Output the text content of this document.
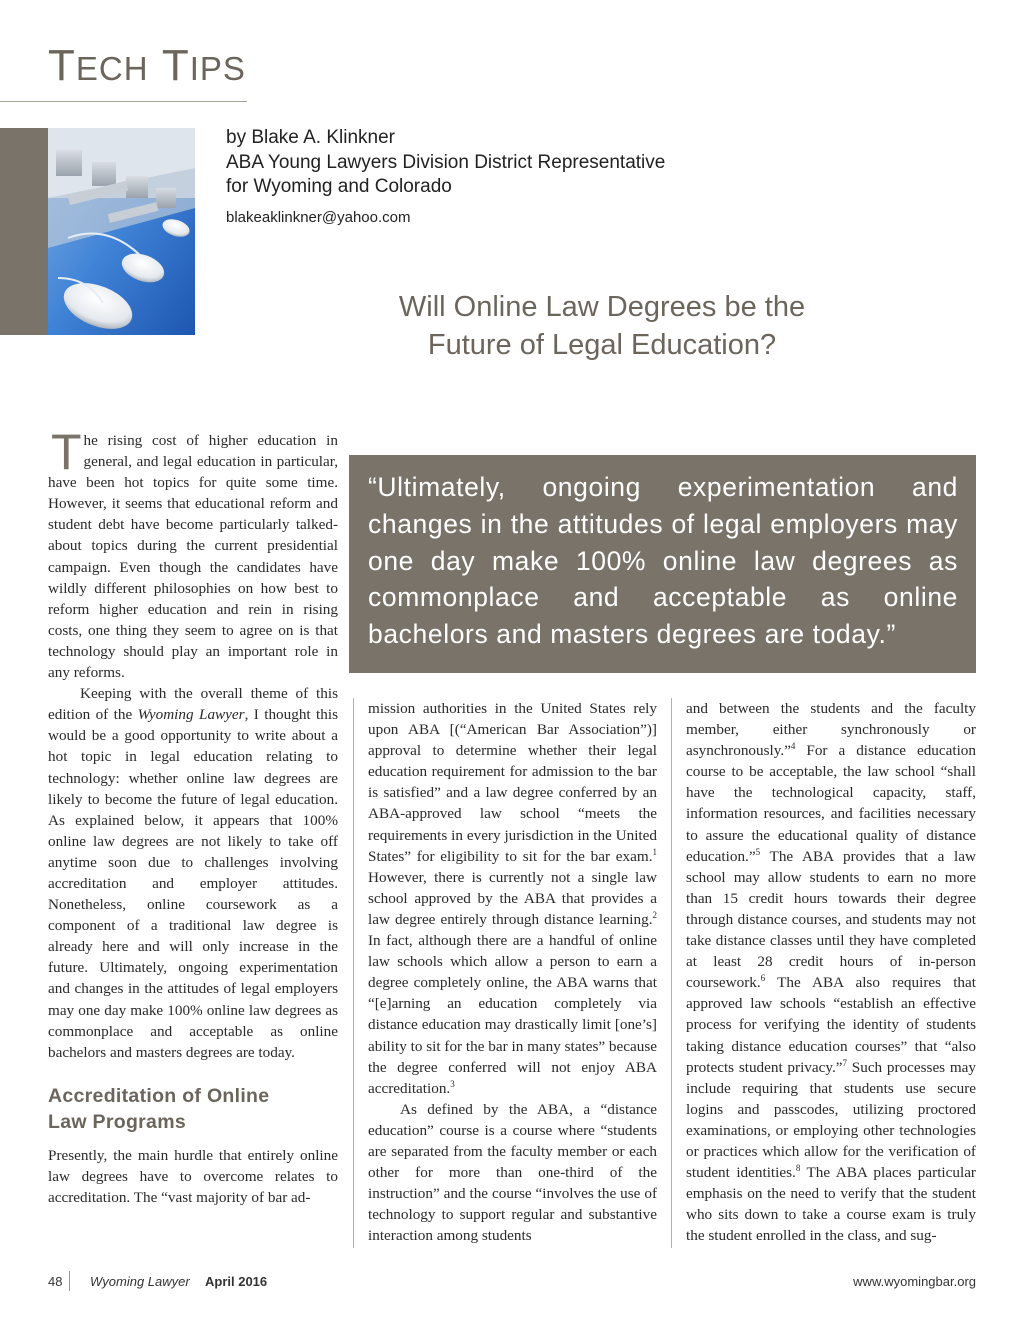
TECH TIPS
by Blake A. Klinkner
ABA Young Lawyers Division District Representative
for Wyoming and Colorado
blakeaklinkner@yahoo.com
Will Online Law Degrees be the
Future of Legal Education?
“Ultimately, ongoing experimentation and changes in the attitudes of legal employers may one day make 100% online law degrees as commonplace and acceptable as online bachelors and masters degrees are today.”

The rising cost of higher education in general, and legal education in particular, have been hot topics for quite some time. However, it seems that educational reform and student debt have become particularly talked-about topics during the current presidential campaign. Even though the candidates have wildly different philosophies on how best to reform higher education and rein in rising costs, one thing they seem to agree on is that technology should play an important role in any reforms.

Keeping with the overall theme of this edition of the Wyoming Lawyer, I thought this would be a good opportunity to write about a hot topic in legal education relating to technology: whether online law degrees are likely to become the future of legal education. As explained below, it appears that 100% online law degrees are not likely to take off anytime soon due to challenges involving accreditation and employer attitudes. Nonetheless, online coursework as a component of a traditional law degree is already here and will only increase in the future. Ultimately, ongoing experimentation and changes in the attitudes of legal employers may one day make 100% online law degrees as commonplace and acceptable as online bachelors and masters degrees are today.

Accreditation of Online
Law Programs

Presently, the main hurdle that entirely online law degrees have to overcome relates to accreditation. The “vast majority of bar ad-

mission authorities in the United States rely upon ABA [(“American Bar Association”)] approval to determine whether their legal education requirement for admission to the bar is satisfied” and a law degree conferred by an ABA-approved law school “meets the requirements in every jurisdiction in the United States” for eligibility to sit for the bar exam.$^1$ However, there is currently not a single law school approved by the ABA that provides a law degree entirely through distance learning.$^2$ In fact, although there are a handful of online law schools which allow a person to earn a degree completely online, the ABA warns that “[e]arning an education completely via distance education may drastically limit [one’s] ability to sit for the bar in many states” because the degree conferred will not enjoy ABA accreditation.$^3$

As defined by the ABA, a “distance education” course is a course where “students are separated from the faculty member or each other for more than one-third of the instruction” and the course “involves the use of technology to support regular and substantive interaction among students

and between the students and the faculty member, either synchronously or asynchronously.”$^4$ For a distance education course to be acceptable, the law school “shall have the technological capacity, staff, information resources, and facilities necessary to assure the educational quality of distance education.”$^5$ The ABA provides that a law school may allow students to earn no more than 15 credit hours towards their degree through distance courses, and students may not take distance classes until they have completed at least 28 credit hours of in-person coursework.$^6$ The ABA also requires that approved law schools “establish an effective process for verifying the identity of students taking distance education courses” that “also protects student privacy.”$^7$ Such processes may include requiring that students use secure logins and passcodes, utilizing proctored examinations, or employing other technologies or practices which allow for the verification of student identities.$^8$ The ABA places particular emphasis on the need to verify that the student who sits down to take a course exam is truly the student enrolled in the class, and sug-

48 Wyoming Lawyer April 2016	www.wyomingbar.org
